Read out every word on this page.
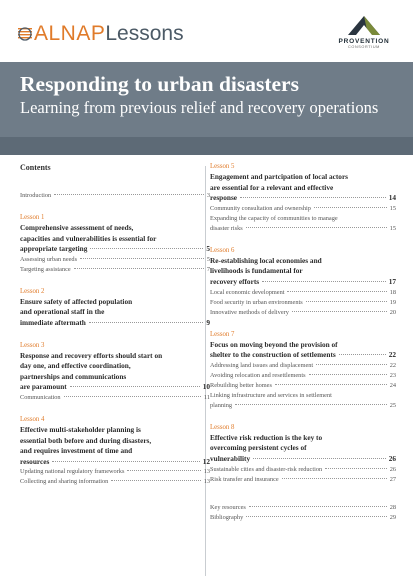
ALNAP Lessons	PROVENTION
CONSORTIUM
Responding to urban disasters
Learning from previous relief and recovery operations
Contents
Introduction	3
Lesson 1
Comprehensive assessment of needs,
capacities and vulnerabilities is essential for
appropriate targeting	5
Assessing urban needs	5
Targeting assistance	7
Lesson 2
Ensure safety of affected population
and operational staff in the
immediate aftermath	9
Lesson 3
Response and recovery efforts should start on
day one, and effective coordination,
partnerships and communications
are paramount	10
Communication	11
Lesson 4
Effective multi-stakeholder planning is
essential both before and during disasters,
and requires investment of time and
resources	12
Updating national regulatory frameworks	13
Collecting and sharing information	13
Lesson 5
Engagement and partcipation of local actors
are essential for a relevant and effective
response	14
Community consultation and ownership	15
Expanding the capacity of communities to manage
disaster risks	15
Lesson 6
Re-establishing local economies and
livelihoods is fundamental for
recovery efforts	17
Local economic development	18
Food security in urban environments	19
Innovative methods of delivery	20
Lesson 7
Focus on moving beyond the provision of
shelter to the construction of settlements	22
Addressing land issues and displacement	22
Avoiding relocation and resettlements	23
Rebuilding better homes	24
Linking infrastructure and services in settlement
planning	25
Lesson 8
Effective risk reduction is the key to
overcoming persistent cycles of
vulnerability	26
Sustainable cities and disaster-risk reduction	26
Risk transfer and insurance	27
Key resources	28
Bibliography	29
